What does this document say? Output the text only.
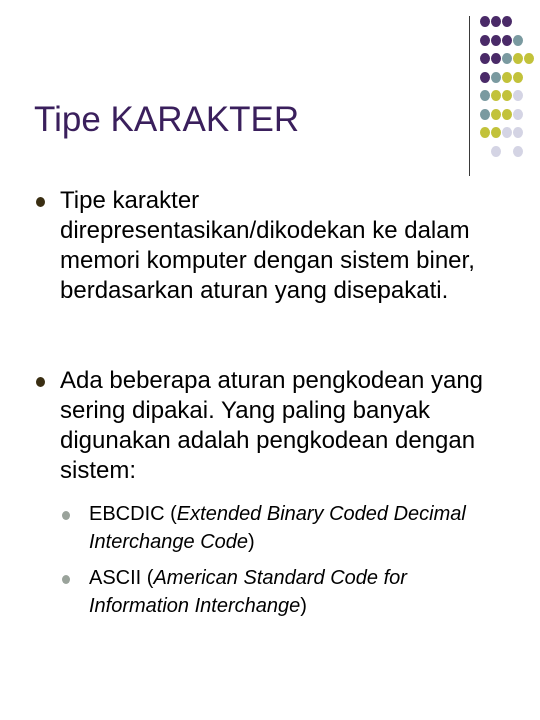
Tipe KARAKTER
Tipe karakter direpresentasikan/dikodekan ke dalam memori komputer dengan sistem biner, berdasarkan aturan yang disepakati.
Ada beberapa aturan pengkodean yang sering dipakai. Yang paling banyak digunakan adalah pengkodean dengan sistem:
EBCDIC (Extended Binary Coded Decimal Interchange Code)
ASCII (American Standard Code for Information Interchange)
